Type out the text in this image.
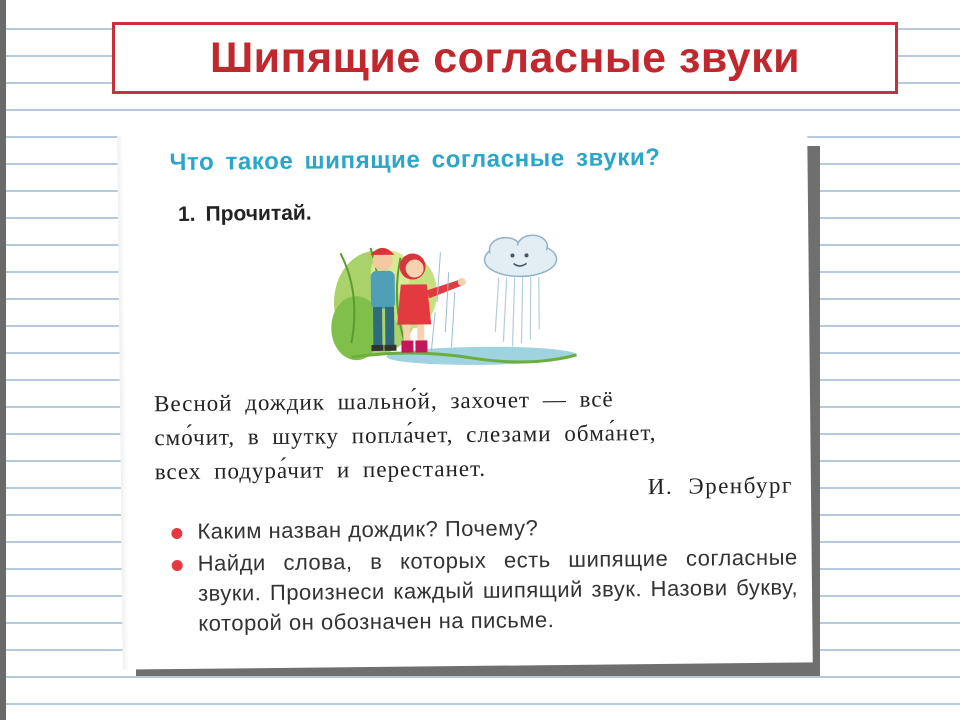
Шипящие согласные звуки
Что такое шипящие согласные звуки?
1. Прочитай.
Весной дождик шально́й, захочет — всё
смо́чит, в шутку попла́чет, слезами обма́нет,
всех подура́чит и перестанет.
И. Эренбург
Каким назван дождик? Почему?
Найди слова, в которых есть шипящие согласные звуки. Произнеси каждый шипящий звук. Назови букву, которой он обозначен на письме.
